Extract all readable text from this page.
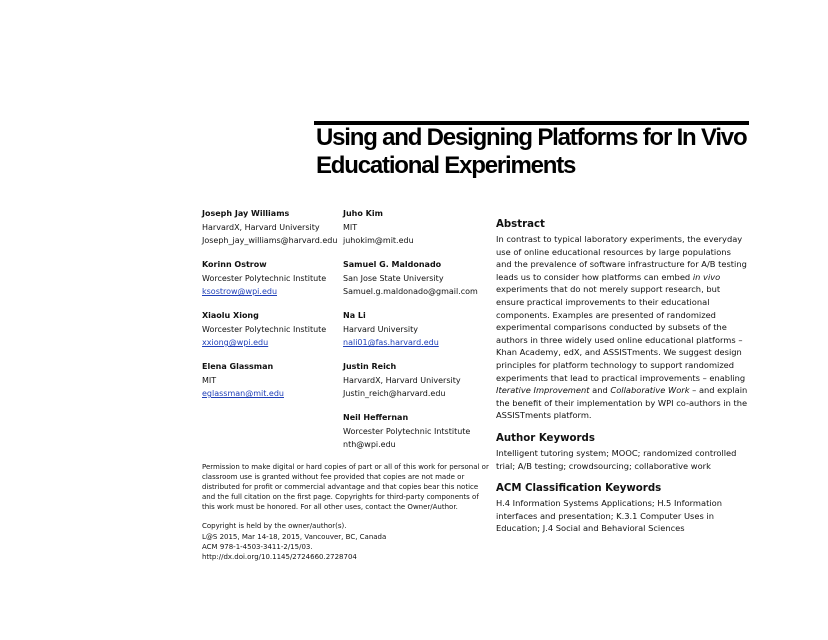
Using and Designing Platforms for In Vivo Educational Experiments
Joseph Jay Williams
HarvardX, Harvard University
Joseph_jay_williams@harvard.edu
Korinn Ostrow
Worcester Polytechnic Institute
ksostrow@wpi.edu
Xiaolu Xiong
Worcester Polytechnic Institute
xxiong@wpi.edu
Elena Glassman
MIT
eglassman@mit.edu
Juho Kim
MIT
juhokim@mit.edu
Samuel G. Maldonado
San Jose State University
Samuel.g.maldonado@gmail.com
Na Li
Harvard University
nali01@fas.harvard.edu
Justin Reich
HarvardX, Harvard University
Justin_reich@harvard.edu
Neil Heffernan
Worcester Polytechnic Intstitute
nth@wpi.edu

Permission to make digital or hard copies of part or all of this work for personal or classroom use is granted without fee provided that copies are not made or distributed for profit or commercial advantage and that copies bear this notice and the full citation on the first page. Copyrights for third-party components of this work must be honored. For all other uses, contact the Owner/Author.

Copyright is held by the owner/author(s).
L@S 2015, Mar 14-18, 2015, Vancouver, BC, Canada
ACM 978-1-4503-3411-2/15/03.
http://dx.doi.org/10.1145/2724660.2728704
Abstract
In contrast to typical laboratory experiments, the everyday use of online educational resources by large populations and the prevalence of software infrastructure for A/B testing leads us to consider how platforms can embed in vivo experiments that do not merely support research, but ensure practical improvements to their educational components. Examples are presented of randomized experimental comparisons conducted by subsets of the authors in three widely used online educational platforms – Khan Academy, edX, and ASSISTments. We suggest design principles for platform technology to support randomized experiments that lead to practical improvements – enabling Iterative Improvement and Collaborative Work – and explain the benefit of their implementation by WPI co-authors in the ASSISTments platform.
Author Keywords
Intelligent tutoring system; MOOC; randomized controlled trial; A/B testing; crowdsourcing; collaborative work
ACM Classification Keywords
H.4 Information Systems Applications; H.5 Information interfaces and presentation; K.3.1 Computer Uses in Education; J.4 Social and Behavioral Sciences
